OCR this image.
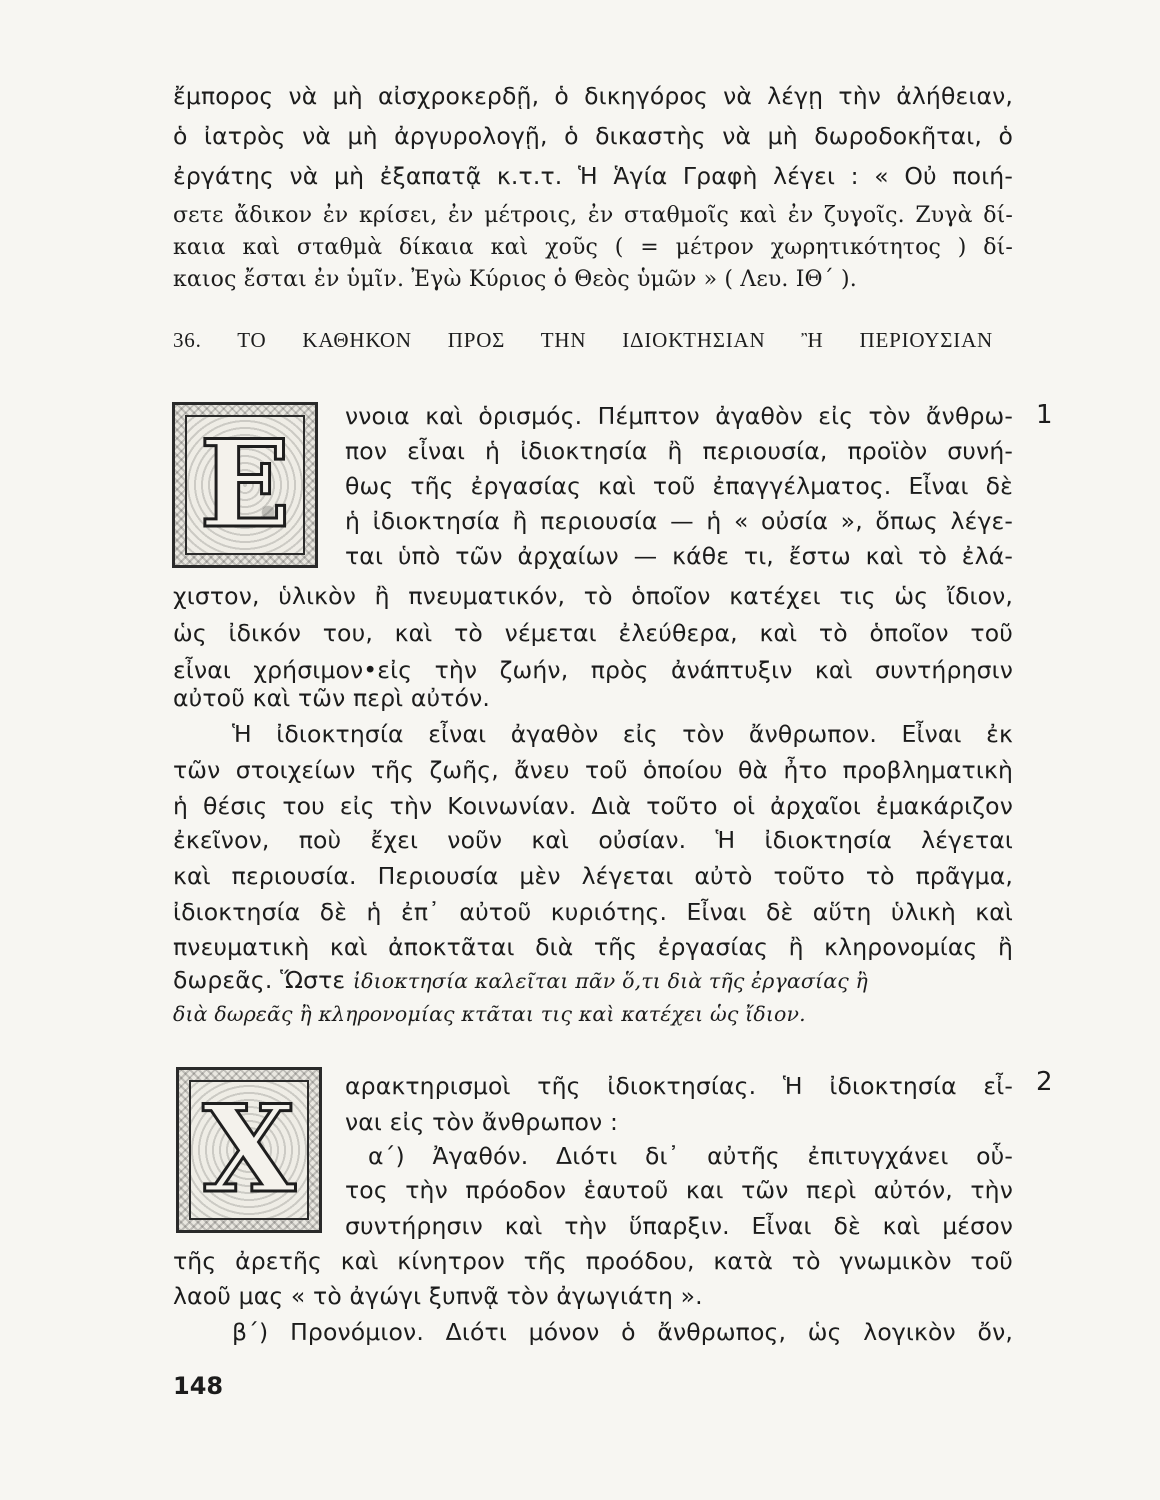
ἔμπορος νὰ μὴ αἰσχροκερδῇ, ὁ δικηγόρος νὰ λέγῃ τὴν ἀλήθειαν,
ὁ ἰατρὸς νὰ μὴ ἀργυρολογῇ, ὁ δικαστὴς νὰ μὴ δωροδοκῆται, ὁ
ἐργάτης νὰ μὴ ἐξαπατᾷ κ.τ.τ. Ἡ Ἁγία Γραφὴ λέγει : « Οὐ ποιή-
σετε ἄδικον ἐν κρίσει, ἐν μέτροις, ἐν σταθμοῖς καὶ ἐν ζυγοῖς. Ζυγὰ δί-
καια καὶ σταθμὰ δίκαια καὶ χοῦς ( = μέτρον χωρητικότητος ) δί-
καιος ἔσται ἐν ὑμῖν. Ἐγὼ Κύριος ὁ Θεὸς ὑμῶν » ( Λευ. ΙΘ΄ ).
36. ΤΟ ΚΑΘΗΚΟΝ ΠΡΟΣ ΤΗΝ ΙΔΙΟΚΤΗΣΙΑΝ Ἢ ΠΕΡΙΟΥΣΙΑΝ
Ε	1
ννοια καὶ ὁρισμός. Πέμπτον ἀγαθὸν εἰς τὸν ἄνθρω-
πον εἶναι ἡ ἰδιοκτησία ἢ περιουσία, προϊὸν συνή-
θως τῆς ἐργασίας καὶ τοῦ ἐπαγγέλματος. Εἶναι δὲ
ἡ ἰδιοκτησία ἢ περιουσία — ἡ « οὐσία », ὅπως λέγε-
ται ὑπὸ τῶν ἀρχαίων — κάθε τι, ἔστω καὶ τὸ ἐλά-
χιστον, ὑλικὸν ἢ πνευματικόν, τὸ ὁποῖον κατέχει τις ὡς ἴδιον,
ὡς ἰδικόν του, καὶ τὸ νέμεται ἐλεύθερα, καὶ τὸ ὁποῖον τοῦ
εἶναι χρήσιμον•εἰς τὴν ζωήν, πρὸς ἀνάπτυξιν καὶ συντήρησιν
αὐτοῦ καὶ τῶν περὶ αὐτόν.
Ἡ ἰδιοκτησία εἶναι ἀγαθὸν εἰς τὸν ἄνθρωπον. Εἶναι ἐκ
τῶν στοιχείων τῆς ζωῆς, ἄνευ τοῦ ὁποίου θὰ ἦτο προβληματικὴ
ἡ θέσις του εἰς τὴν Κοινωνίαν. Διὰ τοῦτο οἱ ἀρχαῖοι ἐμακάριζον
ἐκεῖνον, ποὺ ἔχει νοῦν καὶ οὐσίαν. Ἡ ἰδιοκτησία λέγεται
καὶ περιουσία. Περιουσία μὲν λέγεται αὐτὸ τοῦτο τὸ πρᾶγμα,
ἰδιοκτησία δὲ ἡ ἐπ᾽ αὐτοῦ κυριότης. Εἶναι δὲ αὕτη ὑλικὴ καὶ
πνευματικὴ καὶ ἀποκτᾶται διὰ τῆς ἐργασίας ἢ κληρονομίας ἢ
δωρεᾶς. Ὥστε ἰδιοκτησία καλεῖται πᾶν ὅ,τι διὰ τῆς ἐργασίας ἢ
διὰ δωρεᾶς ἢ κληρονομίας κτᾶται τις καὶ κατέχει ὡς ἴδιον.
Χ	2
αρακτηρισμοὶ τῆς ἰδιοκτησίας. Ἡ ἰδιοκτησία εἶ-
ναι εἰς τὸν ἄνθρωπον :
α΄) Ἀγαθόν. Διότι δι᾽ αὐτῆς ἐπιτυγχάνει οὗ-
τος τὴν πρόοδον ἑαυτοῦ και τῶν περὶ αὐτόν, τὴν
συντήρησιν καὶ τὴν ὕπαρξιν. Εἶναι δὲ καὶ μέσον
τῆς ἀρετῆς καὶ κίνητρον τῆς προόδου, κατὰ τὸ γνωμικὸν τοῦ
λαοῦ μας « τὸ ἀγώγι ξυπνᾷ τὸν ἀγωγιάτη ».
β΄) Προνόμιον. Διότι μόνον ὁ ἄνθρωπος, ὡς λογικὸν ὄν,
148
